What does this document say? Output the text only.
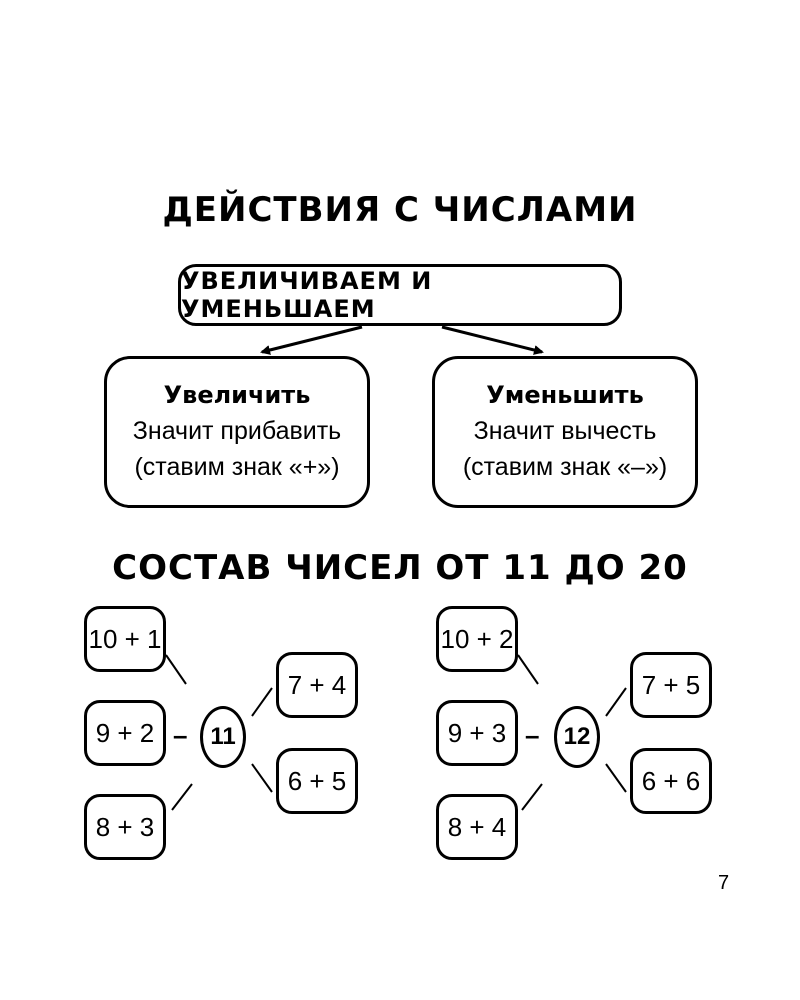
ДЕЙСТВИЯ С ЧИСЛАМИ
УВЕЛИЧИВАЕМ И УМЕНЬШАЕМ
Увеличить
Значит прибавить
(ставим знак «+»)
Уменьшить
Значит вычесть
(ставим знак «–»)
СОСТАВ ЧИСЕЛ ОТ 11 ДО 20
10 + 1
9 + 2
8 + 3
– 11
7 + 4
6 + 5
10 + 2
9 + 3
8 + 4
–	12
7 + 5
6 + 6
7
